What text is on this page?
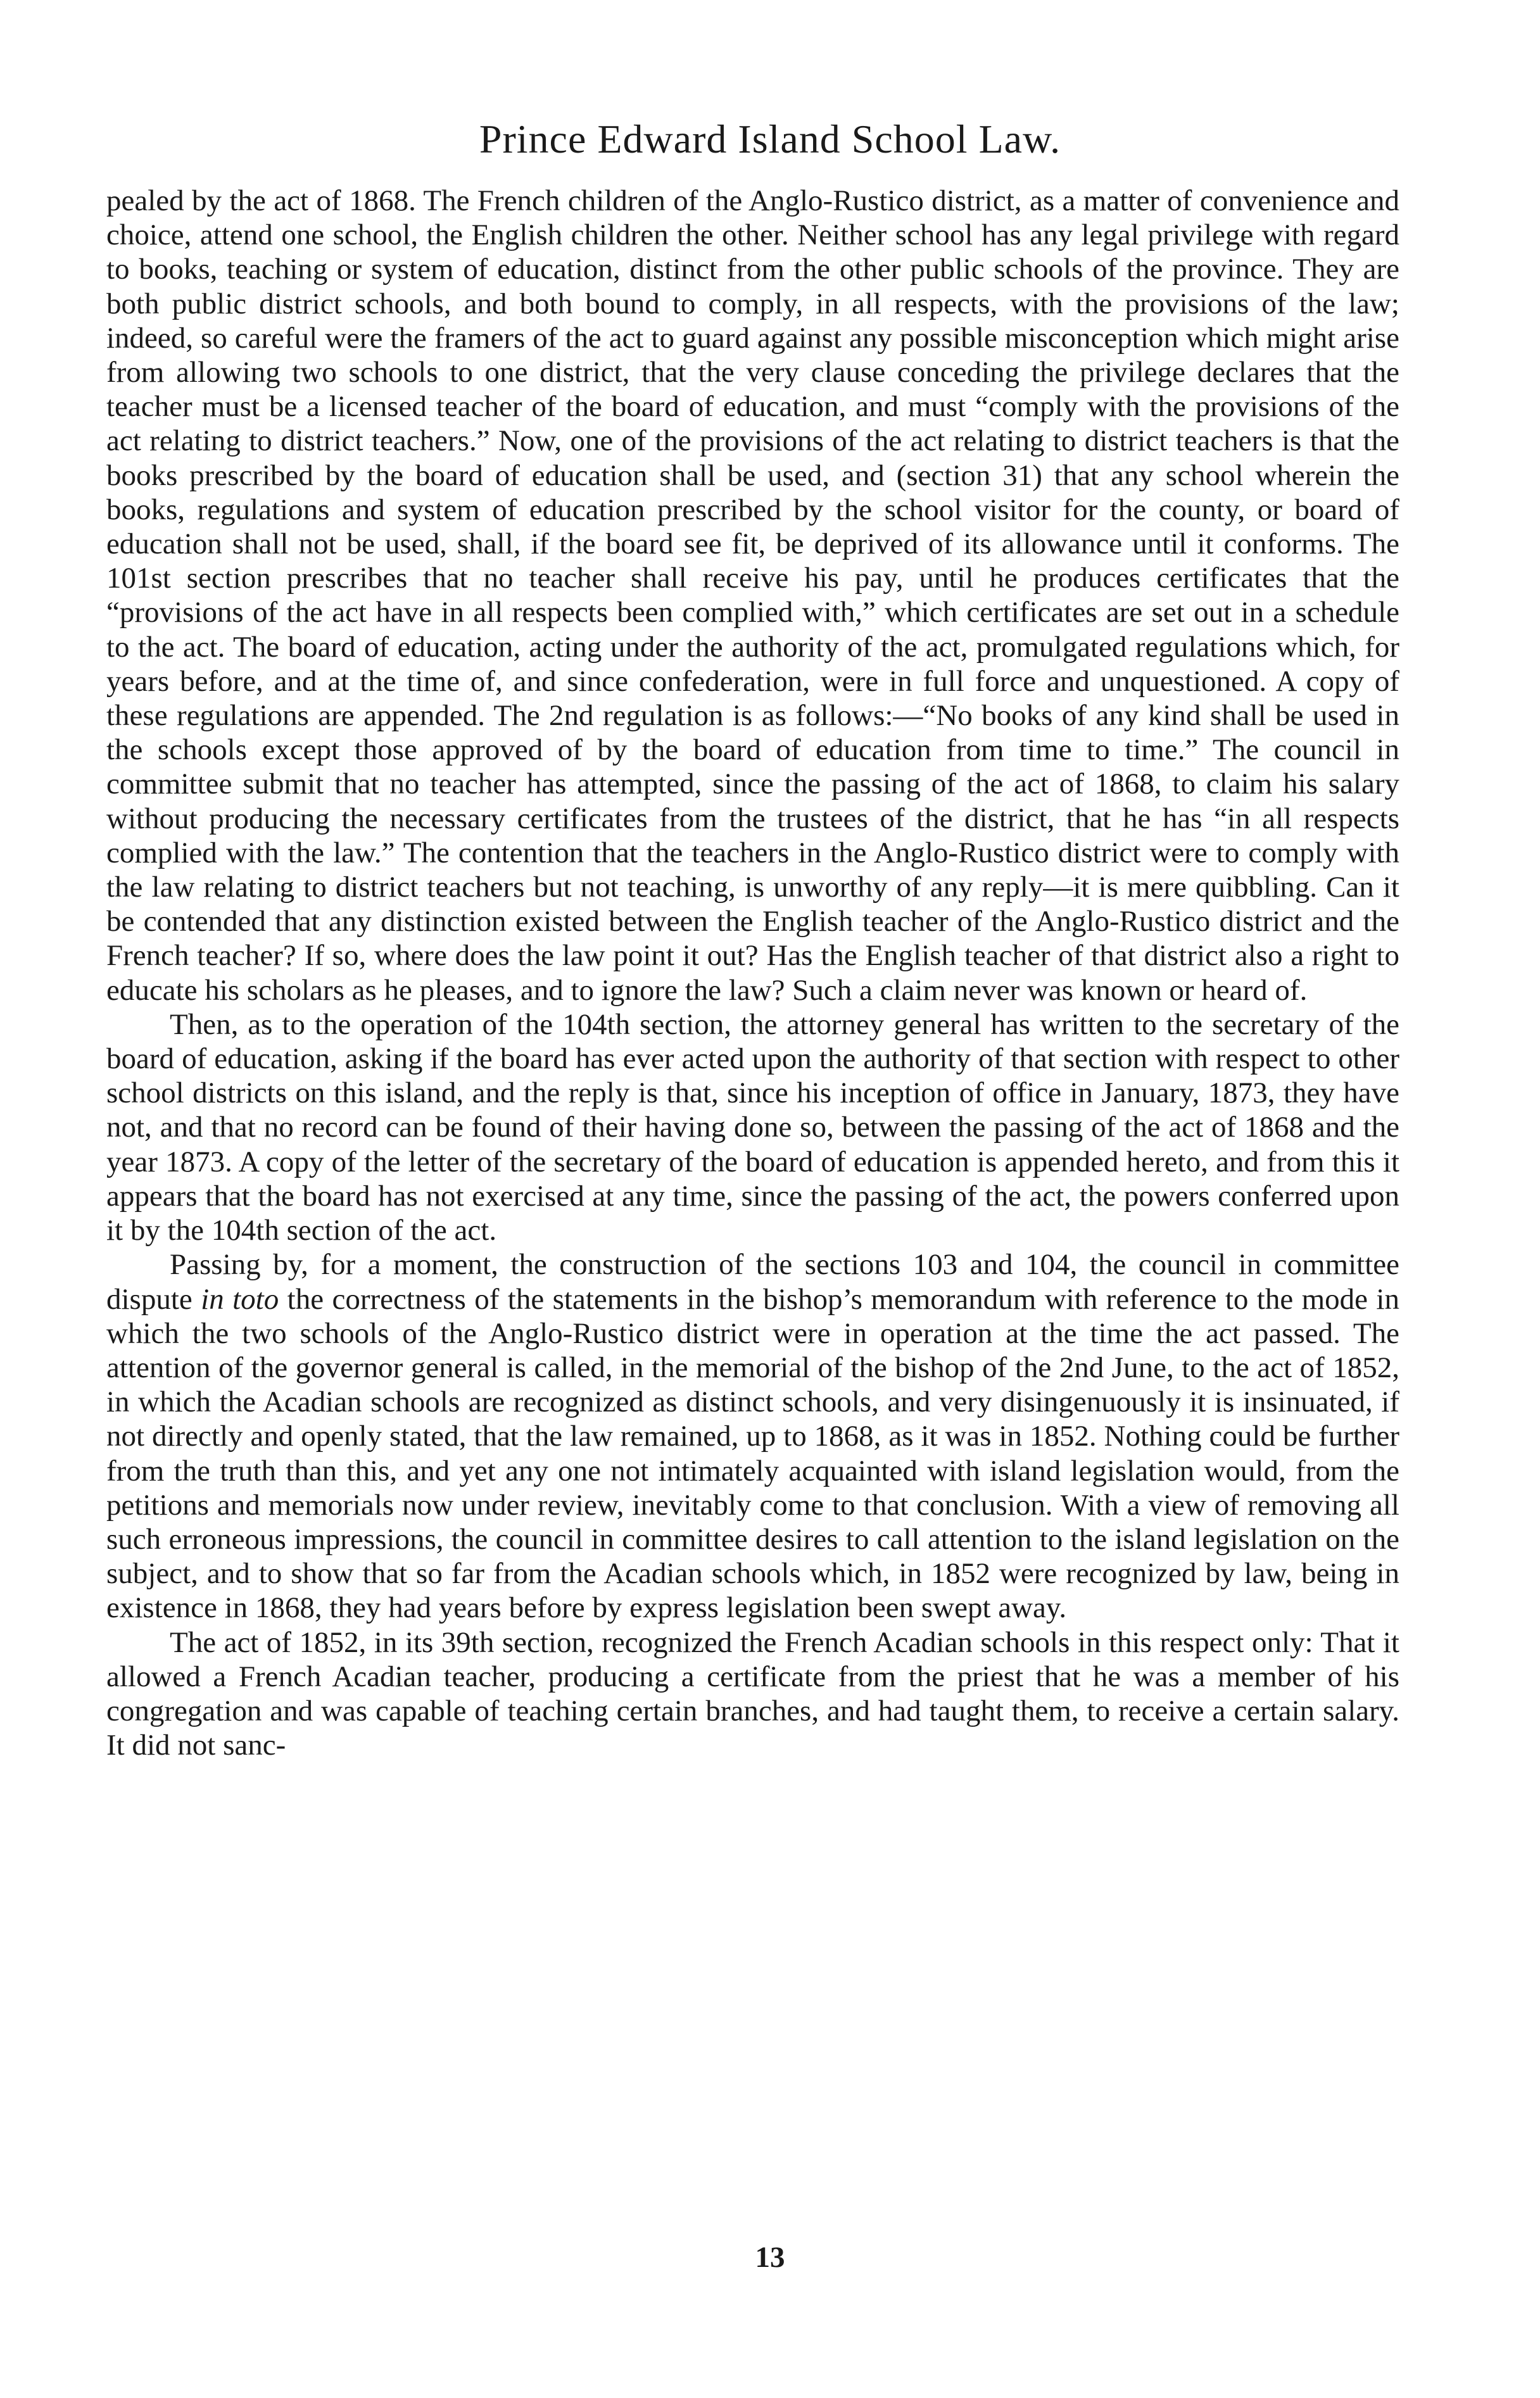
Prince Edward Island School Law.

pealed by the act of 1868. The French children of the Anglo-Rustico district, as a matter of convenience and choice, attend one school, the English children the other. Neither school has any legal privilege with regard to books, teaching or system of education, distinct from the other public schools of the province. They are both public district schools, and both bound to comply, in all respects, with the provisions of the law; indeed, so careful were the framers of the act to guard against any possible misconception which might arise from allowing two schools to one district, that the very clause conceding the privilege declares that the teacher must be a licensed teacher of the board of education, and must “comply with the provisions of the act relating to district teachers.” Now, one of the provisions of the act relating to district teachers is that the books prescribed by the board of education shall be used, and (section 31) that any school wherein the books, regulations and system of education prescribed by the school visitor for the county, or board of education shall not be used, shall, if the board see fit, be deprived of its allowance until it conforms. The 101st section prescribes that no teacher shall receive his pay, until he produces certificates that the “provisions of the act have in all respects been complied with,” which certificates are set out in a schedule to the act. The board of education, acting under the authority of the act, promulgated regulations which, for years before, and at the time of, and since confederation, were in full force and unquestioned. A copy of these regulations are appended. The 2nd regulation is as follows:—“No books of any kind shall be used in the schools except those approved of by the board of education from time to time.” The council in committee submit that no teacher has attempted, since the passing of the act of 1868, to claim his salary without producing the necessary certificates from the trustees of the district, that he has “in all respects complied with the law.” The contention that the teachers in the Anglo-Rustico district were to comply with the law relating to district teachers but not teaching, is unworthy of any reply—it is mere quibbling. Can it be contended that any distinction existed between the English teacher of the Anglo-Rustico district and the French teacher? If so, where does the law point it out? Has the English teacher of that district also a right to educate his scholars as he pleases, and to ignore the law? Such a claim never was known or heard of.

Then, as to the operation of the 104th section, the attorney general has written to the secretary of the board of education, asking if the board has ever acted upon the authority of that section with respect to other school districts on this island, and the reply is that, since his inception of office in January, 1873, they have not, and that no record can be found of their having done so, between the passing of the act of 1868 and the year 1873. A copy of the letter of the secretary of the board of education is appended hereto, and from this it appears that the board has not exercised at any time, since the passing of the act, the powers conferred upon it by the 104th section of the act.

Passing by, for a moment, the construction of the sections 103 and 104, the council in committee dispute in toto the correctness of the statements in the bishop’s memorandum with reference to the mode in which the two schools of the Anglo-Rustico district were in operation at the time the act passed. The attention of the governor general is called, in the memorial of the bishop of the 2nd June, to the act of 1852, in which the Acadian schools are recognized as distinct schools, and very disingenuously it is insinuated, if not directly and openly stated, that the law remained, up to 1868, as it was in 1852. Nothing could be further from the truth than this, and yet any one not intimately acquainted with island legislation would, from the petitions and memorials now under review, inevitably come to that conclusion. With a view of removing all such erroneous impressions, the council in committee desires to call attention to the island legislation on the subject, and to show that so far from the Acadian schools which, in 1852 were recognized by law, being in existence in 1868, they had years before by express legislation been swept away.

The act of 1852, in its 39th section, recognized the French Acadian schools in this respect only: That it allowed a French Acadian teacher, producing a certificate from the priest that he was a member of his congregation and was capable of teaching certain branches, and had taught them, to receive a certain salary. It did not sanc-

13
